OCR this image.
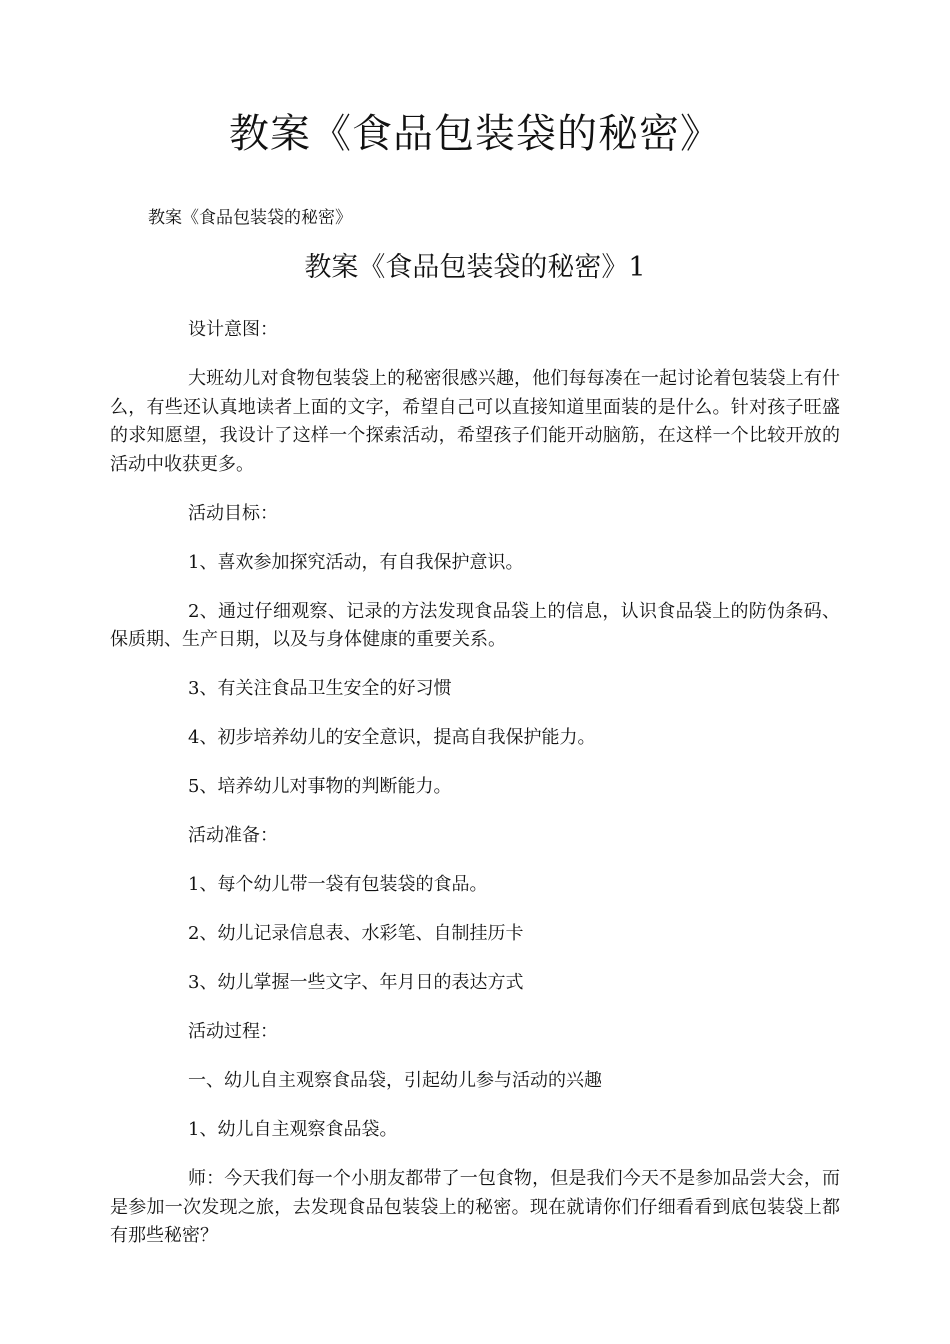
教案《食品包装袋的秘密》
教案《食品包装袋的秘密》
教案《食品包装袋的秘密》1

设计意图：

大班幼儿对食物包装袋上的秘密很感兴趣，他们每每凑在一起讨论着包装袋上有什么，有些还认真地读者上面的文字，希望自己可以直接知道里面装的是什么。针对孩子旺盛的求知愿望，我设计了这样一个探索活动，希望孩子们能开动脑筋，在这样一个比较开放的活动中收获更多。

活动目标：

1、喜欢参加探究活动，有自我保护意识。

2、通过仔细观察、记录的方法发现食品袋上的信息，认识食品袋上的防伪条码、保质期、生产日期，以及与身体健康的重要关系。

3、有关注食品卫生安全的好习惯

4、初步培养幼儿的安全意识，提高自我保护能力。

5、培养幼儿对事物的判断能力。

活动准备：

1、每个幼儿带一袋有包装袋的食品。

2、幼儿记录信息表、水彩笔、自制挂历卡

3、幼儿掌握一些文字、年月日的表达方式

活动过程：

一、幼儿自主观察食品袋，引起幼儿参与活动的兴趣

1、幼儿自主观察食品袋。

师：今天我们每一个小朋友都带了一包食物，但是我们今天不是参加品尝大会，而是参加一次发现之旅，去发现食品包装袋上的秘密。现在就请你们仔细看看到底包装袋上都有那些秘密？
